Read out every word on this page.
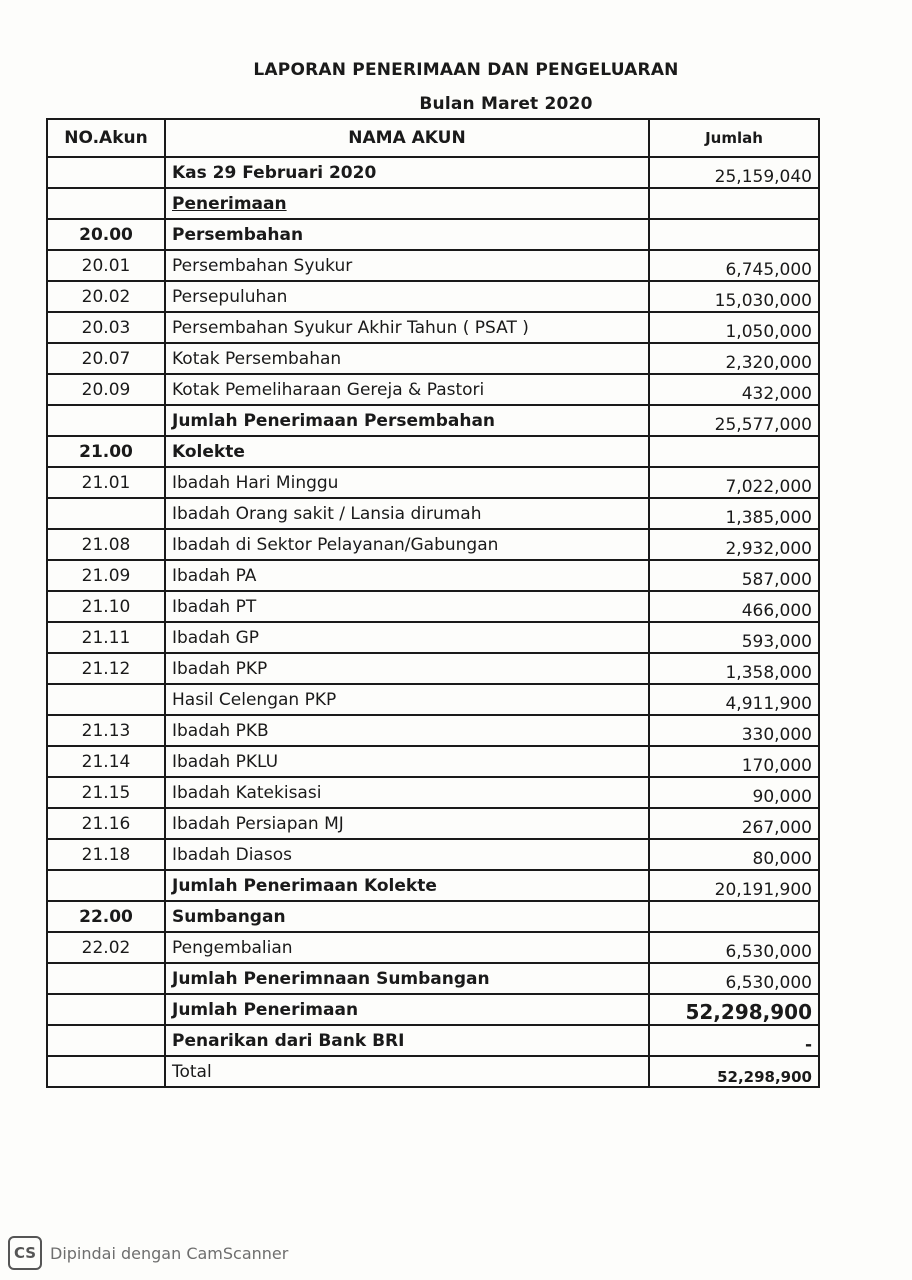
LAPORAN PENERIMAAN DAN PENGELUARAN
Bulan Maret 2020
NO.Akun	NAMA AKUN	Jumlah
	Kas 29 Februari 2020	25,159,040
	Penerimaan	
20.00	Persembahan	
20.01	Persembahan Syukur	6,745,000
20.02	Persepuluhan	15,030,000
20.03	Persembahan Syukur Akhir Tahun ( PSAT )	1,050,000
20.07	Kotak Persembahan	2,320,000
20.09	Kotak Pemeliharaan Gereja & Pastori	432,000
	Jumlah Penerimaan Persembahan	25,577,000
21.00	Kolekte	
21.01	Ibadah Hari Minggu	7,022,000
	Ibadah Orang sakit / Lansia dirumah	1,385,000
21.08	Ibadah di Sektor Pelayanan/Gabungan	2,932,000
21.09	Ibadah PA	587,000
21.10	Ibadah PT	466,000
21.11	Ibadah GP	593,000
21.12	Ibadah PKP	1,358,000
	Hasil Celengan PKP	4,911,900
21.13	Ibadah PKB	330,000
21.14	Ibadah PKLU	170,000
21.15	Ibadah Katekisasi	90,000
21.16	Ibadah Persiapan MJ	267,000
21.18	Ibadah Diasos	80,000
	Jumlah Penerimaan Kolekte	20,191,900
22.00	Sumbangan	
22.02	Pengembalian	6,530,000
	Jumlah Penerimnaan Sumbangan	6,530,000
	Jumlah Penerimaan	52,298,900
	Penarikan dari Bank BRI	-
	Total	52,298,900
CS Dipindai dengan CamScanner
